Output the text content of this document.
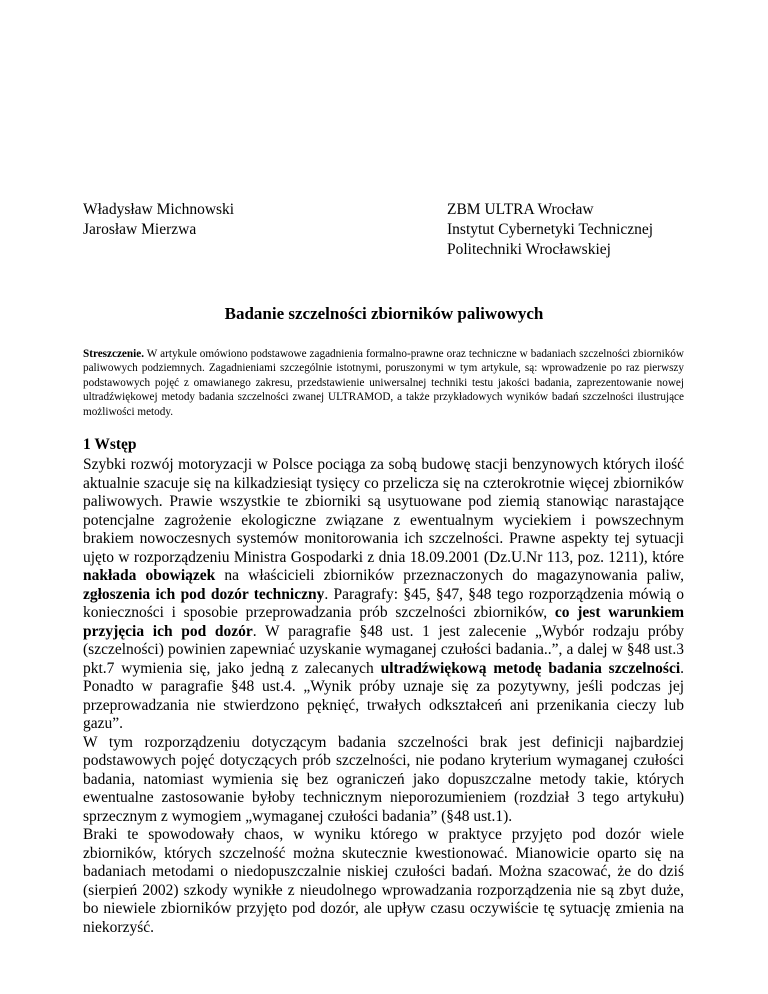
Władysław Michnowski
Jarosław Mierzwa
ZBM ULTRA Wrocław
Instytut Cybernetyki Technicznej
Politechniki Wrocławskiej
Badanie szczelności zbiorników paliwowych
Streszczenie. W artykule omówiono podstawowe zagadnienia formalno-prawne oraz techniczne w badaniach szczelności zbiorników paliwowych podziemnych. Zagadnieniami szczególnie istotnymi, poruszonymi w tym artykule, są: wprowadzenie po raz pierwszy podstawowych pojęć z omawianego zakresu, przedstawienie uniwersalnej techniki testu jakości badania, zaprezentowanie nowej ultradźwiękowej metody badania szczelności zwanej ULTRAMOD, a także przykładowych wyników badań szczelności ilustrujące możliwości metody.
1 Wstęp

Szybki rozwój motoryzacji w Polsce pociąga za sobą budowę stacji benzynowych których ilość aktualnie szacuje się na kilkadziesiąt tysięcy co przelicza się na czterokrotnie więcej zbiorników paliwowych. Prawie wszystkie te zbiorniki są usytuowane pod ziemią stanowiąc narastające potencjalne zagrożenie ekologiczne związane z ewentualnym wyciekiem i powszechnym brakiem nowoczesnych systemów monitorowania ich szczelności. Prawne aspekty tej sytuacji ujęto w rozporządzeniu Ministra Gospodarki z dnia 18.09.2001 (Dz.U.Nr 113, poz. 1211), które nakłada obowiązek na właścicieli zbiorników przeznaczonych do magazynowania paliw, zgłoszenia ich pod dozór techniczny. Paragrafy: §45, §47, §48 tego rozporządzenia mówią o konieczności i sposobie przeprowadzania prób szczelności zbiorników, co jest warunkiem przyjęcia ich pod dozór. W paragrafie §48 ust. 1 jest zalecenie „Wybór rodzaju próby (szczelności) powinien zapewniać uzyskanie wymaganej czułości badania..”, a dalej w §48 ust.3 pkt.7 wymienia się, jako jedną z zalecanych ultradźwiękową metodę badania szczelności. Ponadto w paragrafie §48 ust.4. „Wynik próby uznaje się za pozytywny, jeśli podczas jej przeprowadzania nie stwierdzono pęknięć, trwałych odkształceń ani przenikania cieczy lub gazu”.

W tym rozporządzeniu dotyczącym badania szczelności brak jest definicji najbardziej podstawowych pojęć dotyczących prób szczelności, nie podano kryterium wymaganej czułości badania, natomiast wymienia się bez ograniczeń jako dopuszczalne metody takie, których ewentualne zastosowanie byłoby technicznym nieporozumieniem (rozdział 3 tego artykułu) sprzecznym z wymogiem „wymaganej czułości badania” (§48 ust.1).

Braki te spowodowały chaos, w wyniku którego w praktyce przyjęto pod dozór wiele zbiorników, których szczelność można skutecznie kwestionować. Mianowicie oparto się na badaniach metodami o niedopuszczalnie niskiej czułości badań. Można szacować, że do dziś (sierpień 2002) szkody wynikłe z nieudolnego wprowadzania rozporządzenia nie są zbyt duże, bo niewiele zbiorników przyjęto pod dozór, ale upływ czasu oczywiście tę sytuację zmienia na niekorzyść.
